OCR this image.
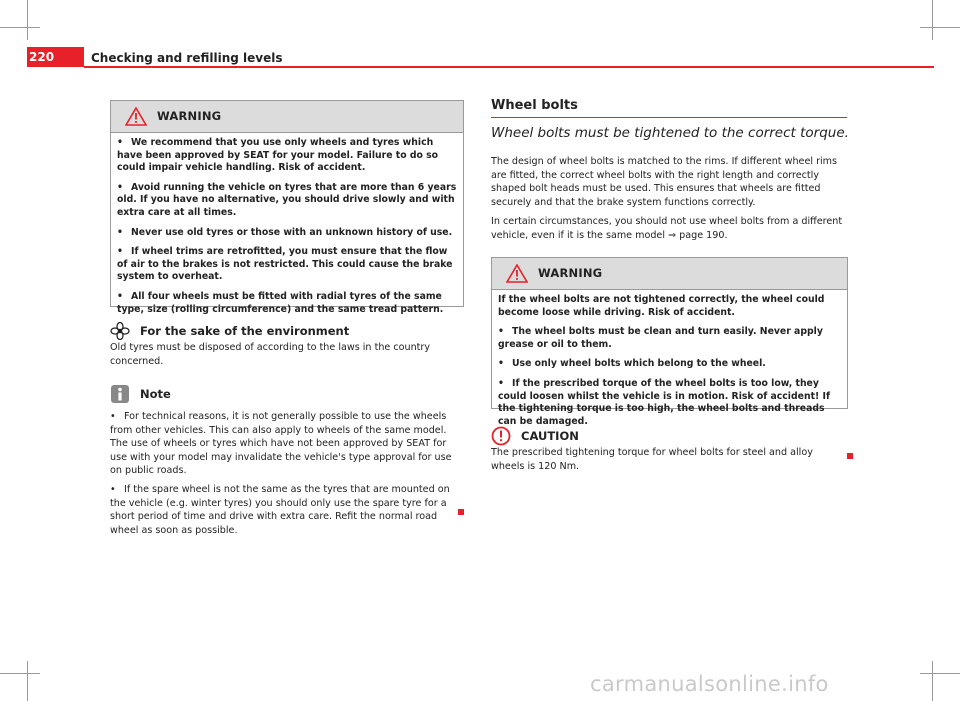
220	Checking and refilling levels
WARNING

• We recommend that you use only wheels and tyres which have been approved by SEAT for your model. Failure to do so could impair vehicle handling. Risk of accident.

• Avoid running the vehicle on tyres that are more than 6 years old. If you have no alternative, you should drive slowly and with extra care at all times.

• Never use old tyres or those with an unknown history of use.

• If wheel trims are retrofitted, you must ensure that the flow of air to the brakes is not restricted. This could cause the brake system to overheat.

• All four wheels must be fitted with radial tyres of the same type, size (rolling circumference) and the same tread pattern.

For the sake of the environment

Old tyres must be disposed of according to the laws in the country concerned.

Note

• For technical reasons, it is not generally possible to use the wheels from other vehicles. This can also apply to wheels of the same model. The use of wheels or tyres which have not been approved by SEAT for use with your model may invalidate the vehicle's type approval for use on public roads.

• If the spare wheel is not the same as the tyres that are mounted on the vehicle (e.g. winter tyres) you should only use the spare tyre for a short period of time and drive with extra care. Refit the normal road wheel as soon as possible.

Wheel bolts
Wheel bolts must be tightened to the correct torque.

The design of wheel bolts is matched to the rims. If different wheel rims are fitted, the correct wheel bolts with the right length and correctly shaped bolt heads must be used. This ensures that wheels are fitted securely and that the brake system functions correctly.

In certain circumstances, you should not use wheel bolts from a different vehicle, even if it is the same model ⇒ page 190.

WARNING

If the wheel bolts are not tightened correctly, the wheel could become loose while driving. Risk of accident.

• The wheel bolts must be clean and turn easily. Never apply grease or oil to them.

• Use only wheel bolts which belong to the wheel.

• If the prescribed torque of the wheel bolts is too low, they could loosen whilst the vehicle is in motion. Risk of accident! If the tightening torque is too high, the wheel bolts and threads can be damaged.

CAUTION

The prescribed tightening torque for wheel bolts for steel and alloy wheels is 120 Nm.

carmanualsonline.info
